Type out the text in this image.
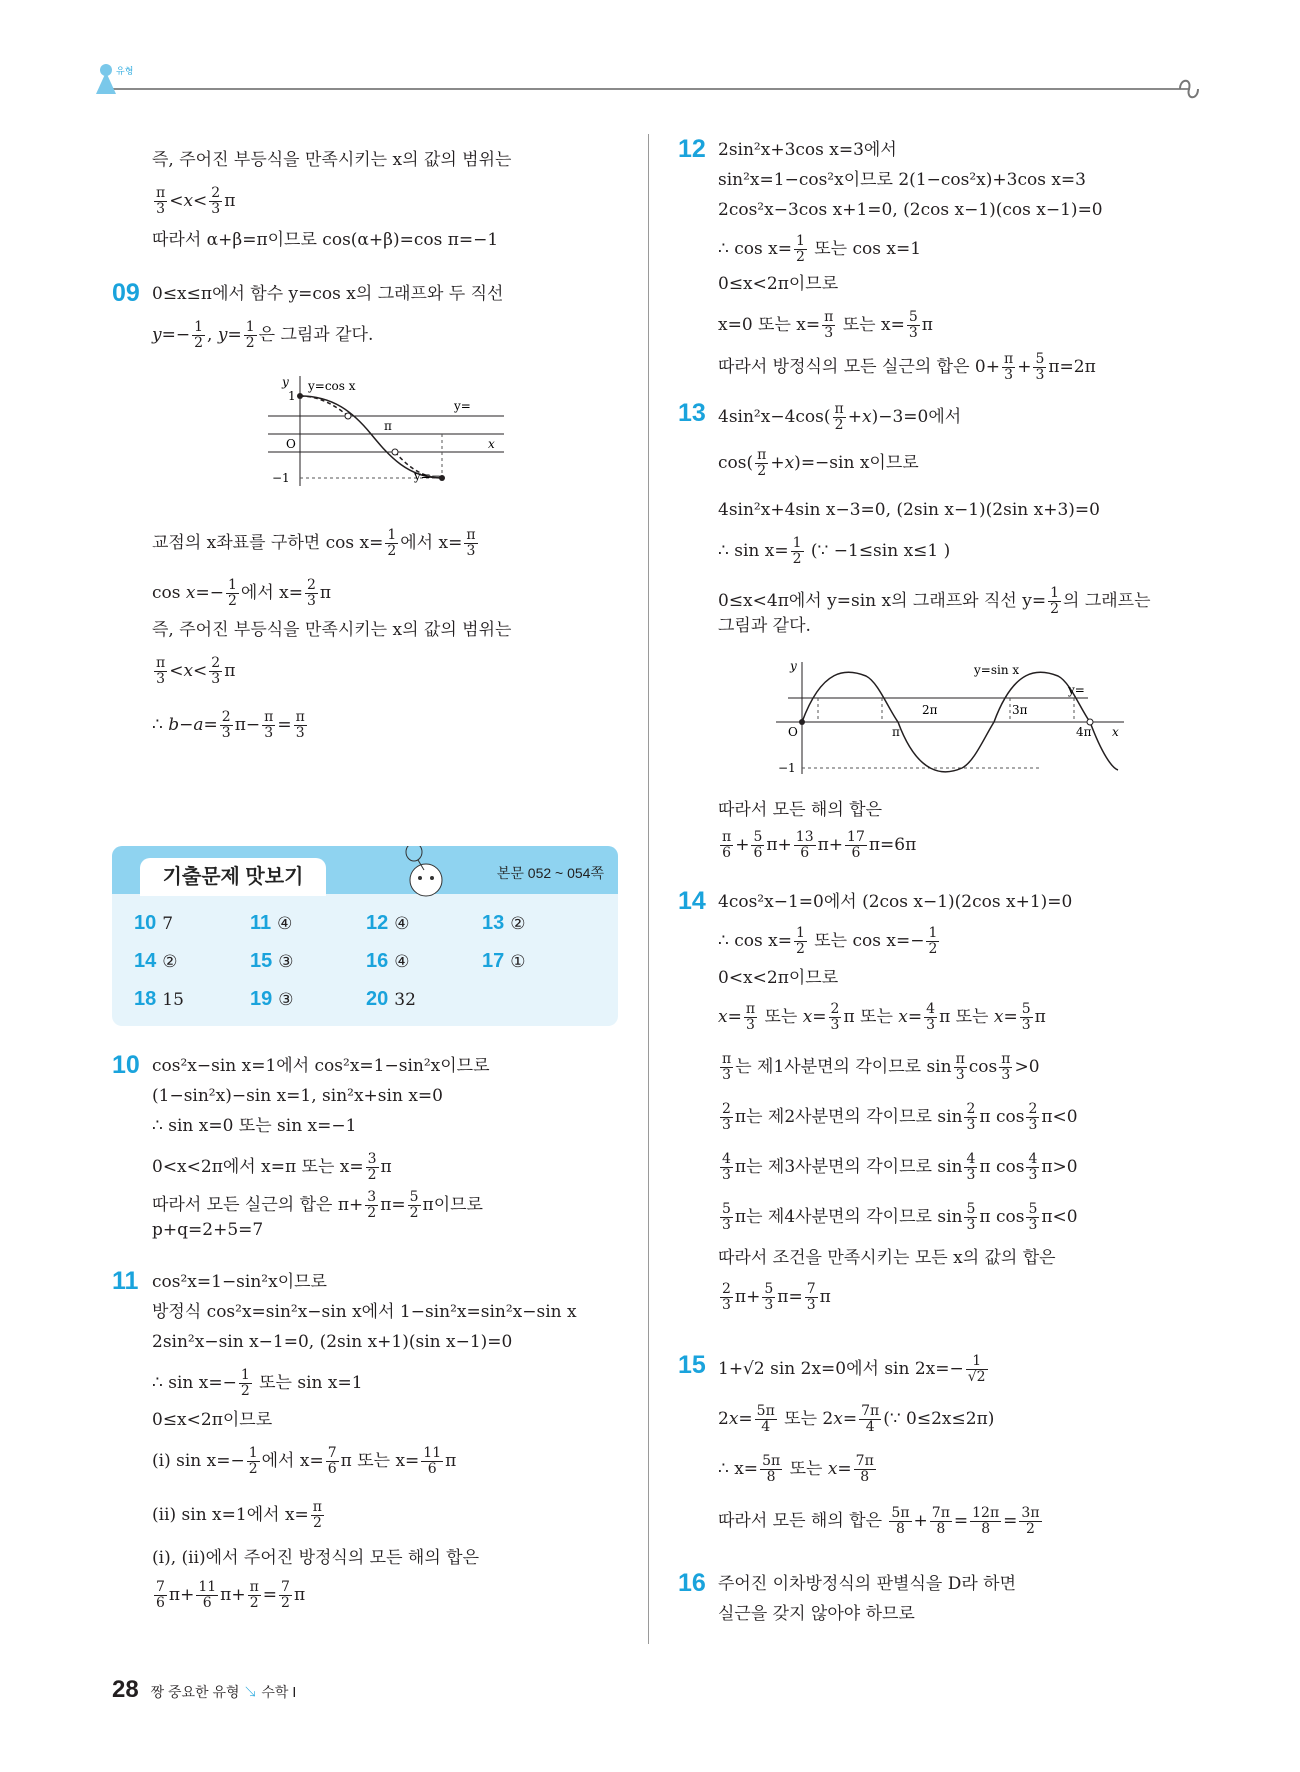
유형
즉, 주어진 부등식을 만족시키는 x의 값의 범위는
$\frac{\pi}{3} <x< \frac{2}{3}$ π
따라서 α+β=π이므로 cos(α+β)=cos π=−1
09 0≤x≤π에서 함수 y=cos x의 그래프와 두 직선
$y=- \frac{1}{2}$ , $y= \frac{1}{2}$ 은 그림과 같다.
y=cos x
y
x
O
π
−1
1
y=
y=−
교점의 x좌표를 구하면 $\cos x= \frac{1}{2}$ 에서 $x= \frac{\pi}{3}$
$\cos x=- \frac{1}{2}$ 에서 $x= \frac{2}{3}$ π
즉, 주어진 부등식을 만족시키는 x의 값의 범위는
$\frac{\pi}{3} <x< \frac{2}{3}$ π
∴ $b-a= \frac{2}{3} \pi- \frac{\pi}{3} = \frac{\pi}{3}$
기출문제 맛보기	본문 052 ~ 054쪽
10 7	11 ④	12 ④	13 ②
14 ②	15 ③	16 ④	17 ①
18 15	19 ③	20 32
10 cos²x−sin x=1에서 cos²x=1−sin²x이므로
(1−sin²x)−sin x=1, sin²x+sin x=0
∴ sin x=0 또는 sin x=−1
0<x<2π에서 x=π 또는 $x= \frac{3}{2}$ π
따라서 모든 실근의 합은 $\pi+ \frac{3}{2} \pi= \frac{5}{2}$ π이므로
p+q=2+5=7
11 cos²x=1−sin²x이므로
방정식 cos²x=sin²x−sin x에서 1−sin²x=sin²x−sin x
2sin²x−sin x−1=0, (2sin x+1)(sin x−1)=0
∴ $\sin x=- \frac{1}{2}$ 또는 sin x=1
0≤x<2π이므로
(ⅰ) $\sin x=- \frac{1}{2}$ 에서 $x= \frac{7}{6}$ π 또는 $x= \frac{11}{6}$ π
(ⅱ) sin x=1에서 $x= \frac{\pi}{2}$
(ⅰ), (ⅱ)에서 주어진 방정식의 모든 해의 합은
$\frac{7}{6} \pi+ \frac{11}{6} \pi+ \frac{\pi}{2} = \frac{7}{2}$ π
12 2sin²x+3cos x=3에서
sin²x=1−cos²x이므로 2(1−cos²x)+3cos x=3
2cos²x−3cos x+1=0, (2cos x−1)(cos x−1)=0
∴ $\cos x= \frac{1}{2}$ 또는 cos x=1
0≤x<2π이므로
x=0 또는 $x= \frac{\pi}{3}$ 또는 $x= \frac{5}{3}$ π
따라서 방정식의 모든 실근의 합은 $0+ \frac{\pi}{3} + \frac{5}{3} \pi=2\pi$
13 $4\sin^2x-4\cos( \frac{\pi}{2} +x)-3=0$에서
$\cos( \frac{\pi}{2} +x)=-\sin$ x이므로
4sin²x+4sin x−3=0, (2sin x−1)(2sin x+3)=0
∴ $\sin x= \frac{1}{2}$ (∵ −1≤sin x≤1 )
0≤x<4π에서 y=sin x의 그래프와 직선 $y= \frac{1}{2}$ 의 그래프는
그림과 같다.
y=sin x
y=
O	x
y
π
2π	3π
4π
−1
따라서 모든 해의 합은
$\frac{\pi}{6} + \frac{5}{6} \pi+ \frac{13}{6} \pi+ \frac{17}{6} \pi=6\pi$
14 4cos²x−1=0에서 (2cos x−1)(2cos x+1)=0
∴ $\cos x= \frac{1}{2}$ 또는 $\cos x=- \frac{1}{2}$
0<x<2π이므로
$x= \frac{\pi}{3}$ 또는 $x= \frac{2}{3}$ π 또는 $x= \frac{4}{3}$ π 또는 $x= \frac{5}{3}$ π
$\frac{\pi}{3}$ 는 제1사분면의 각이므로 $\sin \frac{\pi}{3}$ $\cos \frac{\pi}{3} >0$
$\frac{2}{3}$ π는 제2사분면의 각이므로 $\sin \frac{2}{3}$ π $\cos \frac{2}{3} \pi<0$
$\frac{4}{3}$ π는 제3사분면의 각이므로 $\sin \frac{4}{3}$ π $\cos \frac{4}{3} \pi>0$
$\frac{5}{3}$ π는 제4사분면의 각이므로 $\sin \frac{5}{3}$ π $\cos \frac{5}{3} \pi<0$
따라서 조건을 만족시키는 모든 x의 값의 합은
$\frac{2}{3} \pi+ \frac{5}{3} \pi= \frac{7}{3}$ π
15 1+√2 sin 2x=0에서 $\sin 2x=- \frac{1}{√2}$
$2x= \frac{5\pi}{4}$ 또는 $2x= \frac{7\pi}{4}$ (∵ 0≤2x≤2π)
∴ $x= \frac{5\pi}{8}$ 또는 $x= \frac{7\pi}{8}$
따라서 모든 해의 합은 $\frac{5\pi}{8} + \frac{7\pi}{8} = \frac{12\pi}{8} = \frac{3\pi}{2}$
16 주어진 이차방정식의 판별식을 D라 하면
실근을 갖지 않아야 하므로
28 짱 중요한 유형 ↘ 수학 Ⅰ
